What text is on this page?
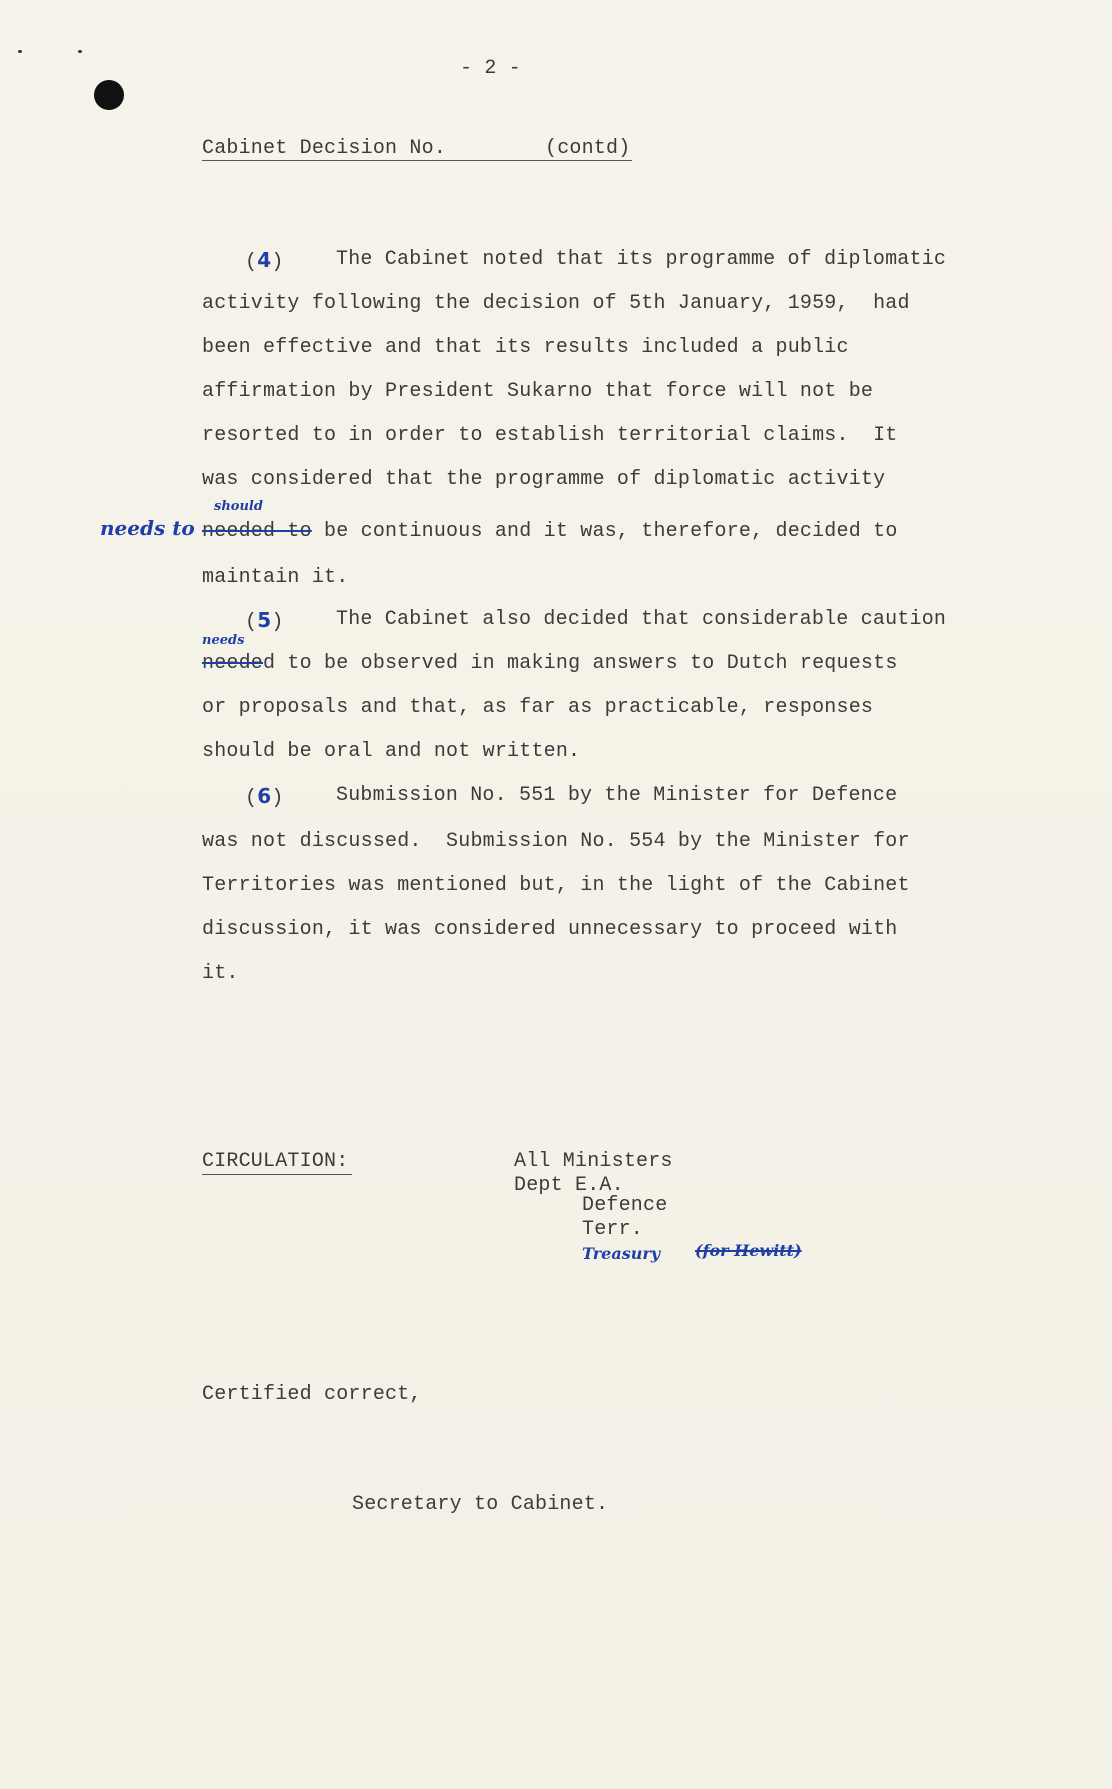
- 2 -
Cabinet Decision No.	(contd)
(4)	The Cabinet noted that its programme of diplomatic
activity following the decision of 5th January, 1959,  had
been effective and that its results included a public
affirmation by President Sukarno that force will not be
resorted to in order to establish territorial claims.  It
was considered that the programme of diplomatic activity
needs to
should
needed to be continuous and it was, therefore, decided to
maintain it.
(5)	The Cabinet also decided that considerable caution
needs
needed to be observed in making answers to Dutch requests
or proposals and that, as far as practicable, responses
should be oral and not written.
(6)	Submission No. 551 by the Minister for Defence
was not discussed.  Submission No. 554 by the Minister for
Territories was mentioned but, in the light of the Cabinet
discussion, it was considered unnecessary to proceed with
it.
CIRCULATION:	All Ministers
Dept E.A.
Defence
Terr.
Treasury (for Hewitt)
Certified correct,
Secretary to Cabinet.
